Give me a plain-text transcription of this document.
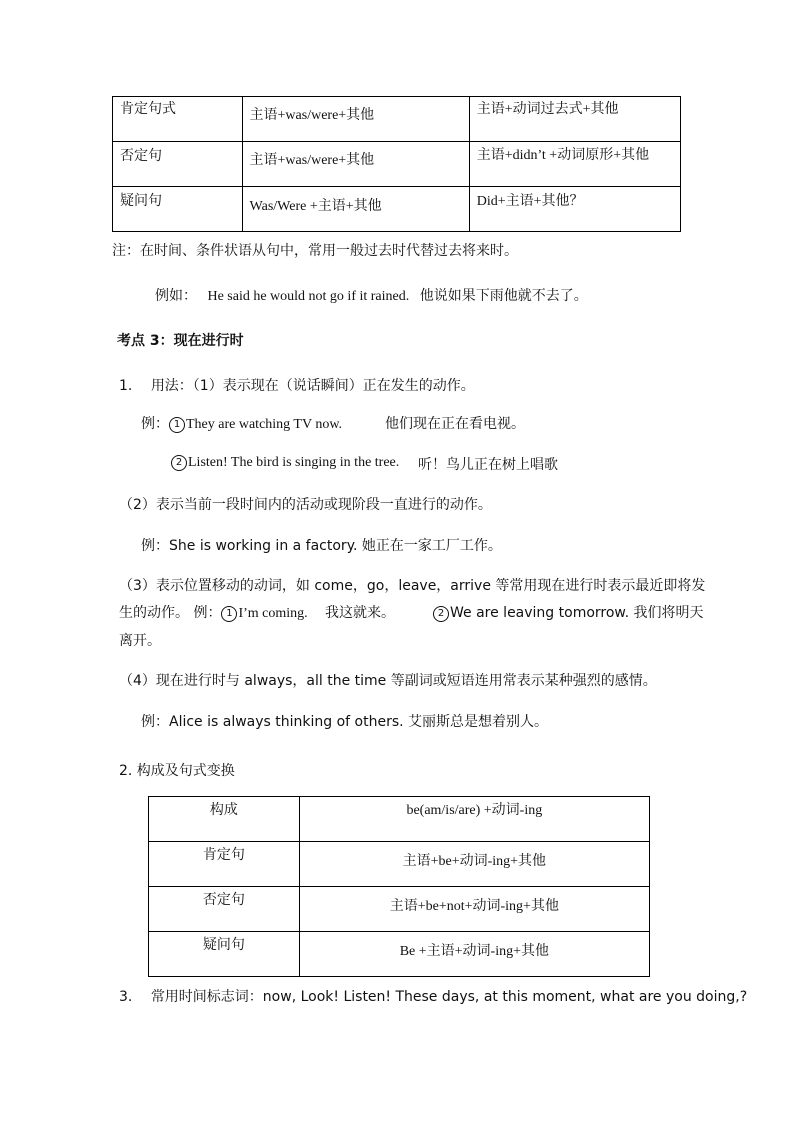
肯定句式	主语+was/were+其他	主语+动词过去式+其他

否定句	主语+was/were+其他	主语+didn’t +动词原形+其他

疑问句	Was/Were +主语+其他	Did+主语+其他？
注：在时间、条件状语从句中，常用一般过去时代替过去将来时。
例如： He said he would not go if it rained. 他说如果下雨他就不去了。
考点 3：现在进行时
1. 用法：（1）表示现在（说话瞬间）正在发生的动作。
例： 1 They are watching TV now.	他们现在正在看电视。
2 Listen! The bird is singing in the tree. 听！鸟儿正在树上唱歌
（2）表示当前一段时间内的活动或现阶段一直进行的动作。
例：She is working in a factory. 她正在一家工厂工作。
（3）表示位置移动的动词，如 come，go，leave，arrive 等常用现在进行时表示最近即将发
生的动作。 例： 1 I’m coming. 我这就来。	2 We are leaving tomorrow. 我们将明天
离开。
（4）现在进行时与 always，all the time 等副词或短语连用常表示某种强烈的感情。
例：Alice is always thinking of others. 艾丽斯总是想着别人。
2. 构成及句式变换
构成	be(am/is/are) +动词-ing

肯定句	主语+be+动词-ing+其他

否定句	主语+be+not+动词-ing+其他

疑问句	Be +主语+动词-ing+其他
3. 常用时间标志词：now, Look! Listen! These days, at this moment, what are you doing,?
